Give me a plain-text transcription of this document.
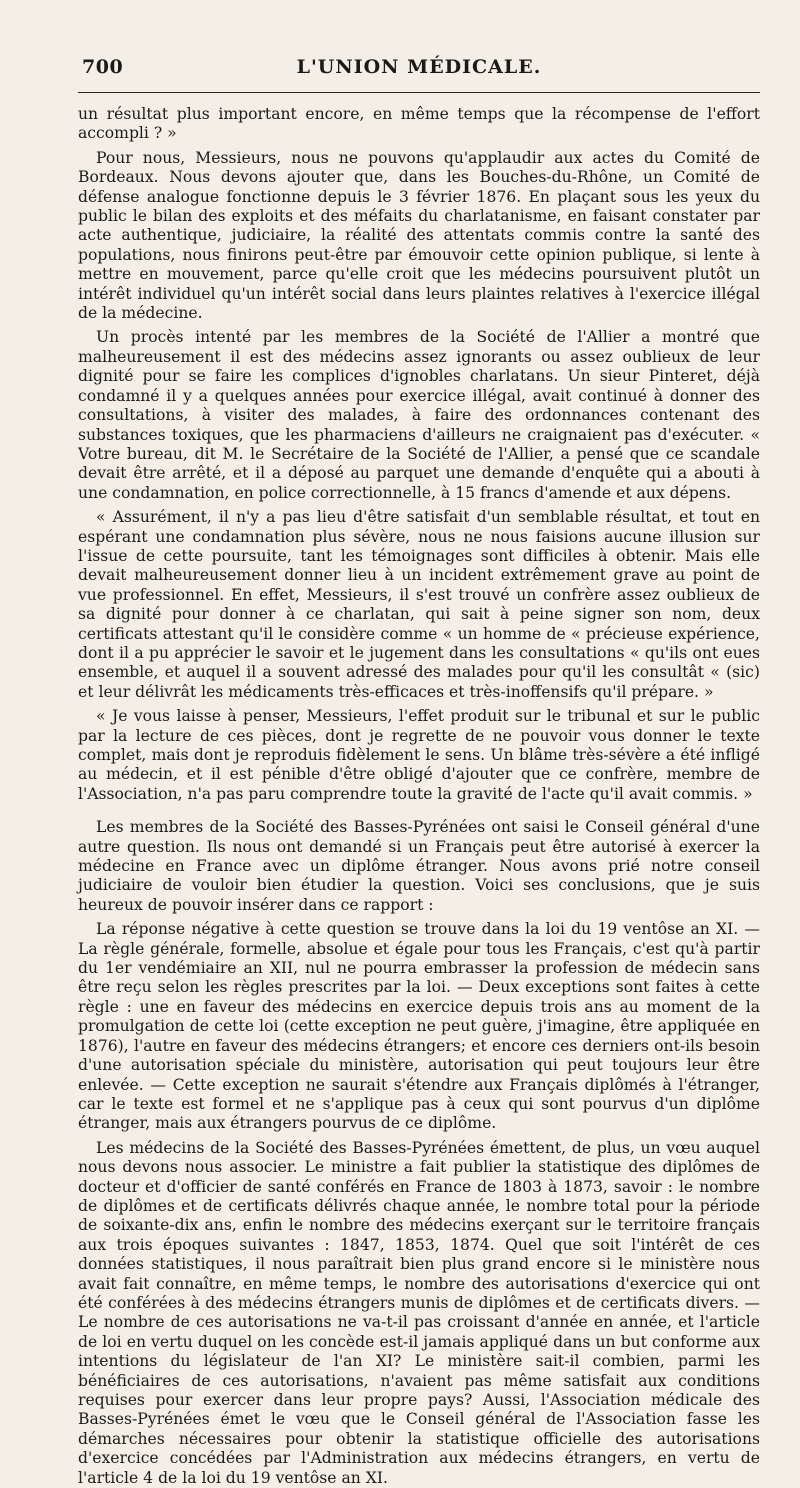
700	L'UNION MÉDICALE.

un résultat plus important encore, en même temps que la récompense de l'effort accompli ? »

Pour nous, Messieurs, nous ne pouvons qu'applaudir aux actes du Comité de Bordeaux. Nous devons ajouter que, dans les Bouches-du-Rhône, un Comité de défense analogue fonctionne depuis le 3 février 1876. En plaçant sous les yeux du public le bilan des exploits et des méfaits du charlatanisme, en faisant constater par acte authentique, judiciaire, la réalité des attentats commis contre la santé des populations, nous finirons peut-être par émouvoir cette opinion publique, si lente à mettre en mouvement, parce qu'elle croit que les médecins poursuivent plutôt un intérêt individuel qu'un intérêt social dans leurs plaintes relatives à l'exercice illégal de la médecine.

Un procès intenté par les membres de la Société de l'Allier a montré que malheureusement il est des médecins assez ignorants ou assez oublieux de leur dignité pour se faire les complices d'ignobles charlatans. Un sieur Pinteret, déjà condamné il y a quelques années pour exercice illégal, avait continué à donner des consultations, à visiter des malades, à faire des ordonnances contenant des substances toxiques, que les pharmaciens d'ailleurs ne craignaient pas d'exécuter. « Votre bureau, dit M. le Secrétaire de la Société de l'Allier, a pensé que ce scandale devait être arrêté, et il a déposé au parquet une demande d'enquête qui a abouti à une condamnation, en police correctionnelle, à 15 francs d'amende et aux dépens.

« Assurément, il n'y a pas lieu d'être satisfait d'un semblable résultat, et tout en espérant une condamnation plus sévère, nous ne nous faisions aucune illusion sur l'issue de cette poursuite, tant les témoignages sont difficiles à obtenir. Mais elle devait malheureusement donner lieu à un incident extrêmement grave au point de vue professionnel. En effet, Messieurs, il s'est trouvé un confrère assez oublieux de sa dignité pour donner à ce charlatan, qui sait à peine signer son nom, deux certificats attestant qu'il le considère comme « un homme de « précieuse expérience, dont il a pu apprécier le savoir et le jugement dans les consultations « qu'ils ont eues ensemble, et auquel il a souvent adressé des malades pour qu'il les consultât « (sic) et leur délivrât les médicaments très-efficaces et très-inoffensifs qu'il prépare. »

« Je vous laisse à penser, Messieurs, l'effet produit sur le tribunal et sur le public par la lecture de ces pièces, dont je regrette de ne pouvoir vous donner le texte complet, mais dont je reproduis fidèlement le sens. Un blâme très-sévère a été infligé au médecin, et il est pénible d'être obligé d'ajouter que ce confrère, membre de l'Association, n'a pas paru comprendre toute la gravité de l'acte qu'il avait commis. »

Les membres de la Société des Basses-Pyrénées ont saisi le Conseil général d'une autre question. Ils nous ont demandé si un Français peut être autorisé à exercer la médecine en France avec un diplôme étranger. Nous avons prié notre conseil judiciaire de vouloir bien étudier la question. Voici ses conclusions, que je suis heureux de pouvoir insérer dans ce rapport :

La réponse négative à cette question se trouve dans la loi du 19 ventôse an XI. — La règle générale, formelle, absolue et égale pour tous les Français, c'est qu'à partir du 1er vendémiaire an XII, nul ne pourra embrasser la profession de médecin sans être reçu selon les règles prescrites par la loi. — Deux exceptions sont faites à cette règle : une en faveur des médecins en exercice depuis trois ans au moment de la promulgation de cette loi (cette exception ne peut guère, j'imagine, être appliquée en 1876), l'autre en faveur des médecins étrangers; et encore ces derniers ont-ils besoin d'une autorisation spéciale du ministère, autorisation qui peut toujours leur être enlevée. — Cette exception ne saurait s'étendre aux Français diplômés à l'étranger, car le texte est formel et ne s'applique pas à ceux qui sont pourvus d'un diplôme étranger, mais aux étrangers pourvus de ce diplôme.

Les médecins de la Société des Basses-Pyrénées émettent, de plus, un vœu auquel nous devons nous associer. Le ministre a fait publier la statistique des diplômes de docteur et d'officier de santé conférés en France de 1803 à 1873, savoir : le nombre de diplômes et de certificats délivrés chaque année, le nombre total pour la période de soixante-dix ans, enfin le nombre des médecins exerçant sur le territoire français aux trois époques suivantes : 1847, 1853, 1874. Quel que soit l'intérêt de ces données statistiques, il nous paraîtrait bien plus grand encore si le ministère nous avait fait connaître, en même temps, le nombre des autorisations d'exercice qui ont été conférées à des médecins étrangers munis de diplômes et de certificats divers. — Le nombre de ces autorisations ne va-t-il pas croissant d'année en année, et l'article de loi en vertu duquel on les concède est-il jamais appliqué dans un but conforme aux intentions du législateur de l'an XI? Le ministère sait-il combien, parmi les bénéficiaires de ces autorisations, n'avaient pas même satisfait aux conditions requises pour exercer dans leur propre pays? Aussi, l'Association médicale des Basses-Pyrénées émet le vœu que le Conseil général de l'Association fasse les démarches nécessaires pour obtenir la statistique officielle des autorisations d'exercice concédées par l'Administration aux médecins étrangers, en vertu de l'article 4 de la loi du 19 ventôse an XI.
